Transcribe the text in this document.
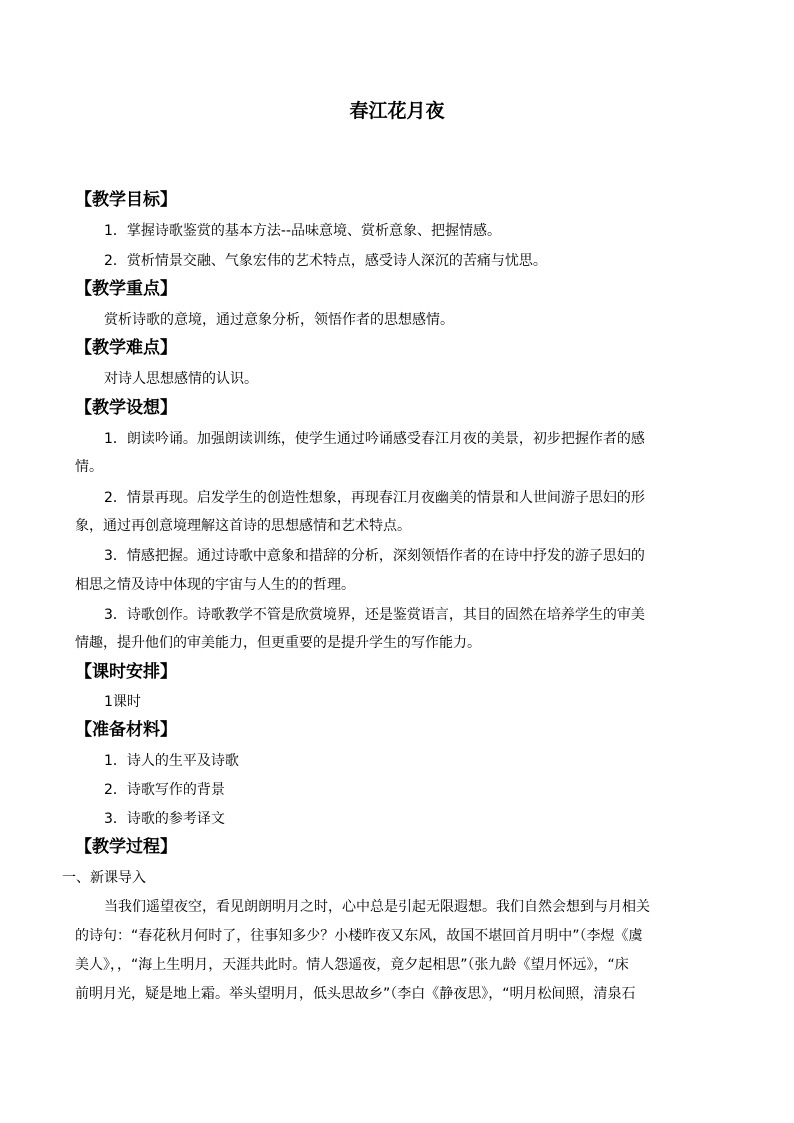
春江花月夜
【教学目标】
1．掌握诗歌鉴赏的基本方法--品味意境、赏析意象、把握情感。
2．赏析情景交融、气象宏伟的艺术特点，感受诗人深沉的苦痛与忧思。
【教学重点】
赏析诗歌的意境，通过意象分析，领悟作者的思想感情。
【教学难点】
对诗人思想感情的认识。
【教学设想】
1．朗读吟诵。加强朗读训练，使学生通过吟诵感受春江月夜的美景，初步把握作者的感
情。
2．情景再现。启发学生的创造性想象，再现春江月夜幽美的情景和人世间游子思妇的形
象，通过再创意境理解这首诗的思想感情和艺术特点。
3．情感把握。通过诗歌中意象和措辞的分析，深刻领悟作者的在诗中抒发的游子思妇的
相思之情及诗中体现的宇宙与人生的的哲理。
3．诗歌创作。诗歌教学不管是欣赏境界，还是鉴赏语言，其目的固然在培养学生的审美
情趣，提升他们的审美能力，但更重要的是提升学生的写作能力。
【课时安排】
1课时
【准备材料】
1．诗人的生平及诗歌
2．诗歌写作的背景
3．诗歌的参考译文
【教学过程】
一、新课导入
当我们遥望夜空，看见朗朗明月之时，心中总是引起无限遐想。我们自然会想到与月相关
的诗句：“春花秋月何时了，往事知多少？小楼昨夜又东风，故国不堪回首月明中”（李煜《虞
美人》，，“海上生明月，天涯共此时。情人怨遥夜，竟夕起相思”（张九龄《望月怀远》，“床
前明月光，疑是地上霜。举头望明月，低头思故乡”（李白《静夜思》，“明月松间照，清泉石
